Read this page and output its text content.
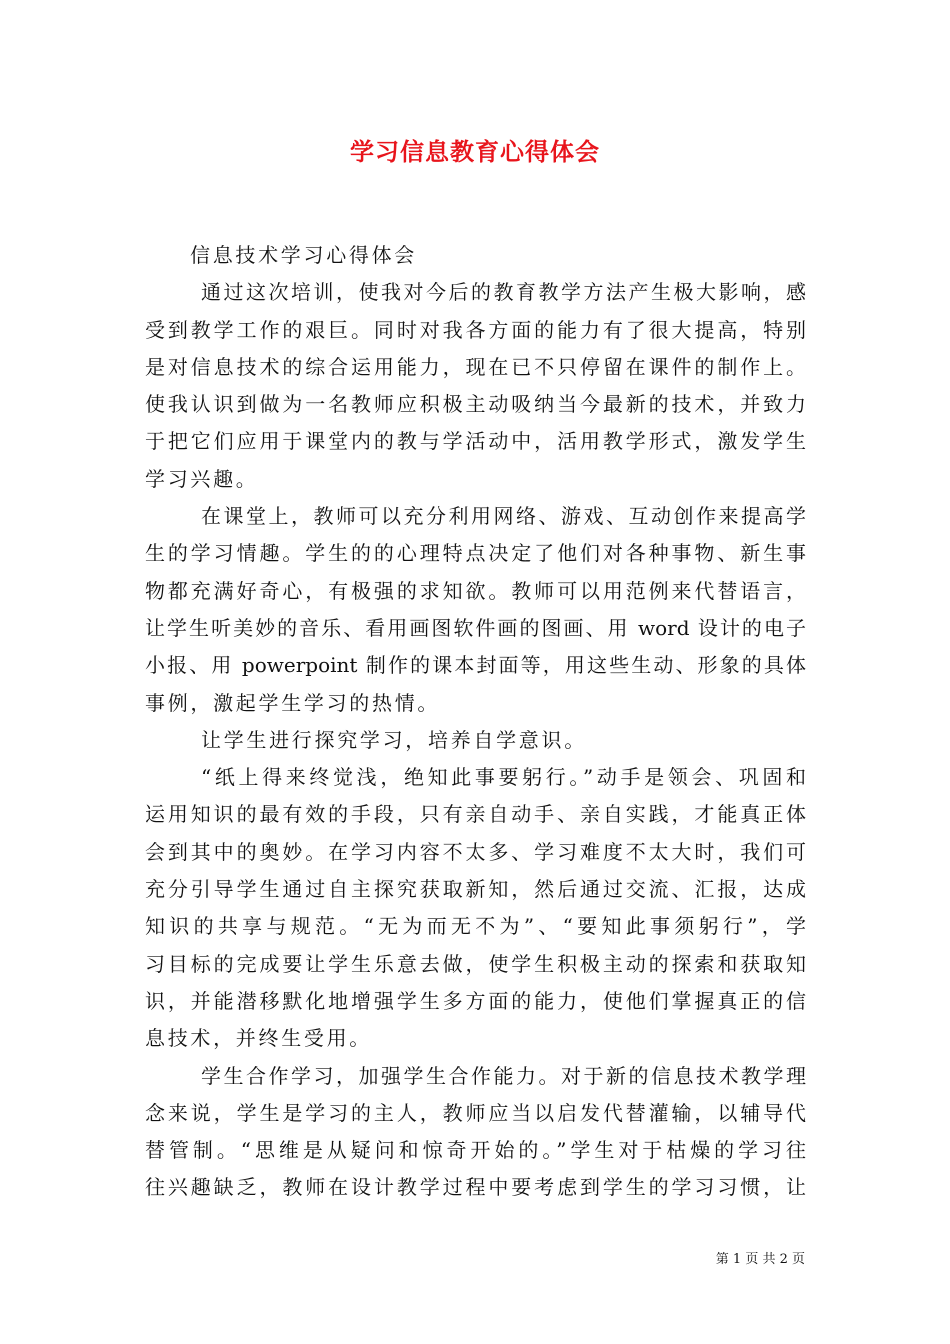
学习信息教育心得体会
信息技术学习心得体会
通过这次培训，使我对今后的教育教学方法产生极大影响，感
受到教学工作的艰巨。同时对我各方面的能力有了很大提高，特别
是对信息技术的综合运用能力，现在已不只停留在课件的制作上。
使我认识到做为一名教师应积极主动吸纳当今最新的技术，并致力
于把它们应用于课堂内的教与学活动中，活用教学形式，激发学生
学习兴趣。
在课堂上，教师可以充分利用网络、游戏、互动创作来提高学
生的学习情趣。学生的的心理特点决定了他们对各种事物、新生事
物都充满好奇心，有极强的求知欲。教师可以用范例来代替语言，
让学生听美妙的音乐、看用画图软件画的图画、用 word 设计的电子
小报、用 powerpoint 制作的课本封面等，用这些生动、形象的具体
事例，激起学生学习的热情。
让学生进行探究学习，培养自学意识。
“纸上得来终觉浅，绝知此事要躬行。”动手是领会、巩固和
运用知识的最有效的手段，只有亲自动手、亲自实践，才能真正体
会到其中的奥妙。在学习内容不太多、学习难度不太大时，我们可
充分引导学生通过自主探究获取新知，然后通过交流、汇报，达成
知识的共享与规范。“无为而无不为”、“要知此事须躬行”，学
习目标的完成要让学生乐意去做，使学生积极主动的探索和获取知
识，并能潜移默化地增强学生多方面的能力，使他们掌握真正的信
息技术，并终生受用。
学生合作学习，加强学生合作能力。对于新的信息技术教学理
念来说，学生是学习的主人，教师应当以启发代替灌输，以辅导代
替管制。“思维是从疑问和惊奇开始的。”学生对于枯燥的学习往
往兴趣缺乏，教师在设计教学过程中要考虑到学生的学习习惯，让
第 1 页 共 2 页
